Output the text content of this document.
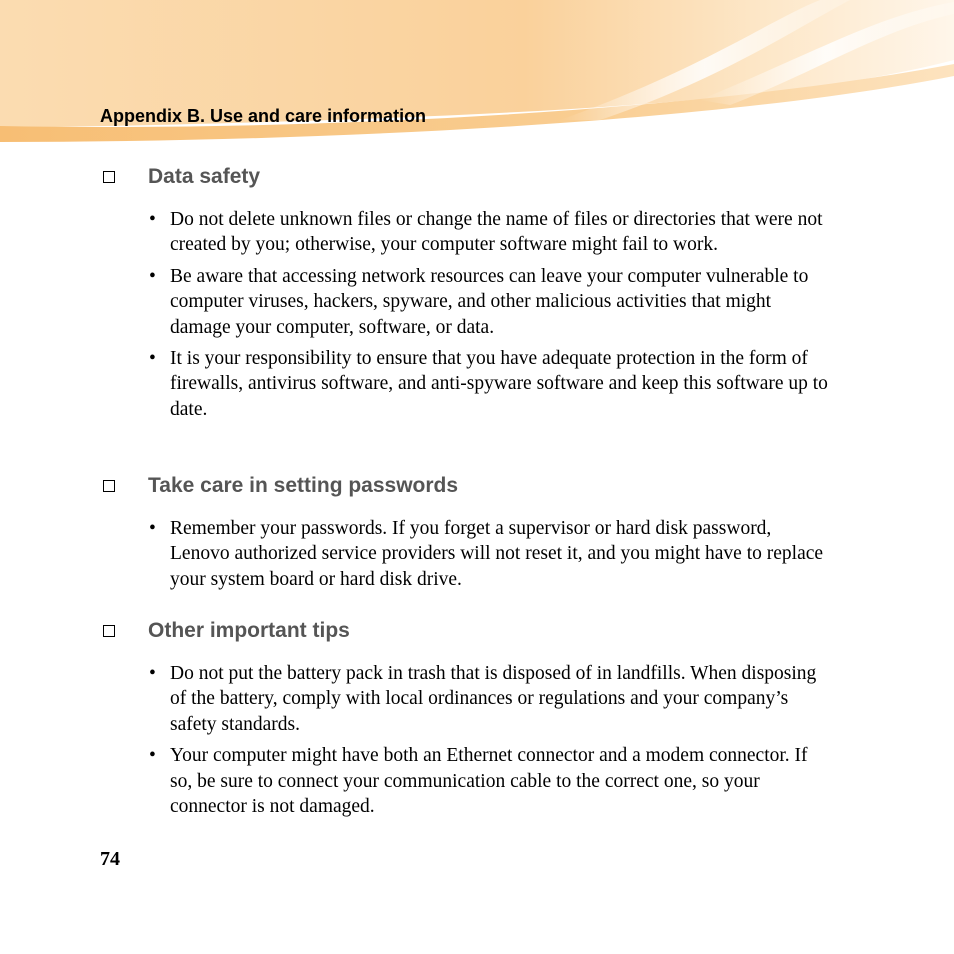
Appendix B. Use and care information
Data safety
• Do not delete unknown files or change the name of files or directories that were not created by you; otherwise, your computer software might fail to work.
• Be aware that accessing network resources can leave your computer vulnerable to computer viruses, hackers, spyware, and other malicious activities that might damage your computer, software, or data.
• It is your responsibility to ensure that you have adequate protection in the form of firewalls, antivirus software, and anti-spyware software and keep this software up to date.
Take care in setting passwords
• Remember your passwords. If you forget a supervisor or hard disk password, Lenovo authorized service providers will not reset it, and you might have to replace your system board or hard disk drive.
Other important tips
• Do not put the battery pack in trash that is disposed of in landfills. When disposing of the battery, comply with local ordinances or regulations and your company’s safety standards.
• Your computer might have both an Ethernet connector and a modem connector. If so, be sure to connect your communication cable to the correct one, so your connector is not damaged.
74
